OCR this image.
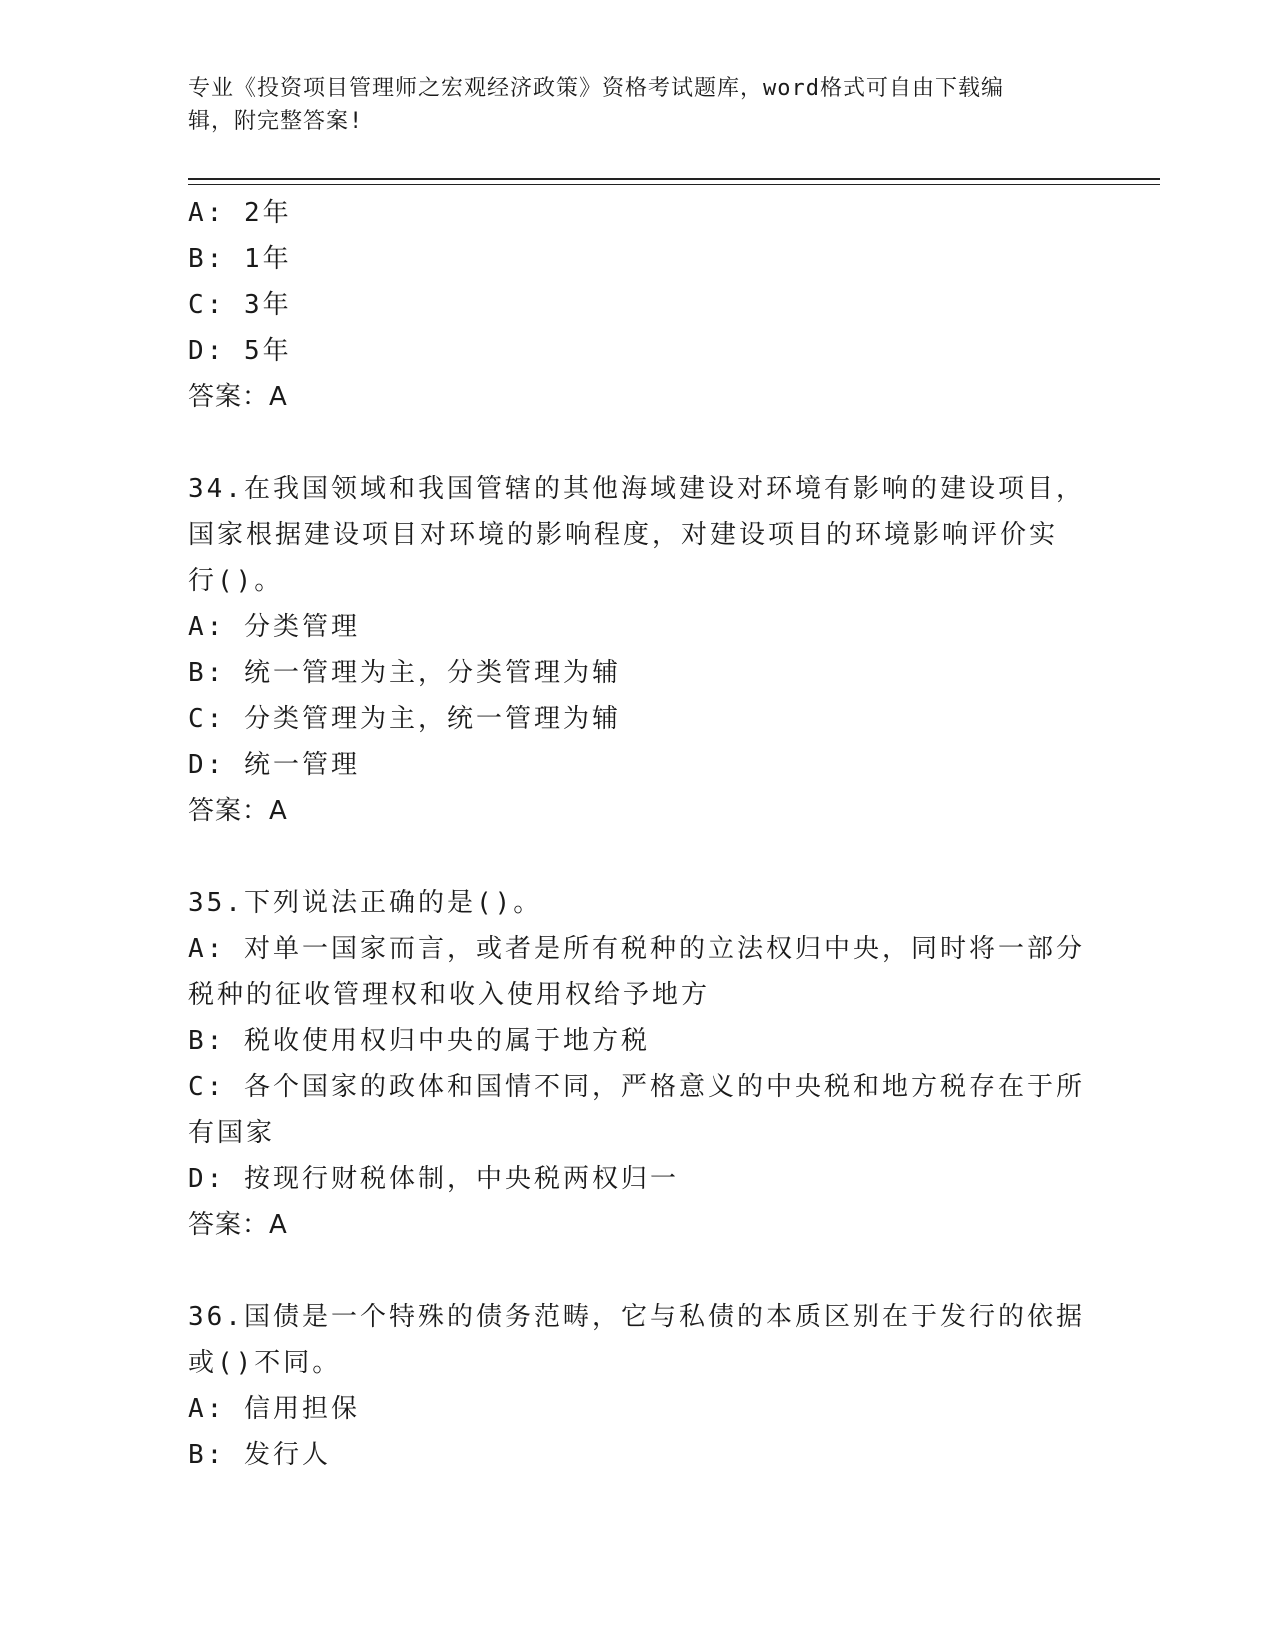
专业《投资项目管理师之宏观经济政策》资格考试题库，word格式可自由下载编
辑，附完整答案!
A: 2年
B: 1年
C: 3年
D: 5年
答案：A
34.在我国领域和我国管辖的其他海域建设对环境有影响的建设项目，
国家根据建设项目对环境的影响程度，对建设项目的环境影响评价实
行()。
A: 分类管理
B: 统一管理为主，分类管理为辅
C: 分类管理为主，统一管理为辅
D: 统一管理
答案：A
35.下列说法正确的是()。
A: 对单一国家而言，或者是所有税种的立法权归中央，同时将一部分
税种的征收管理权和收入使用权给予地方
B: 税收使用权归中央的属于地方税
C: 各个国家的政体和国情不同，严格意义的中央税和地方税存在于所
有国家
D: 按现行财税体制，中央税两权归一
答案：A
36.国债是一个特殊的债务范畴，它与私债的本质区别在于发行的依据
或()不同。
A: 信用担保
B: 发行人
